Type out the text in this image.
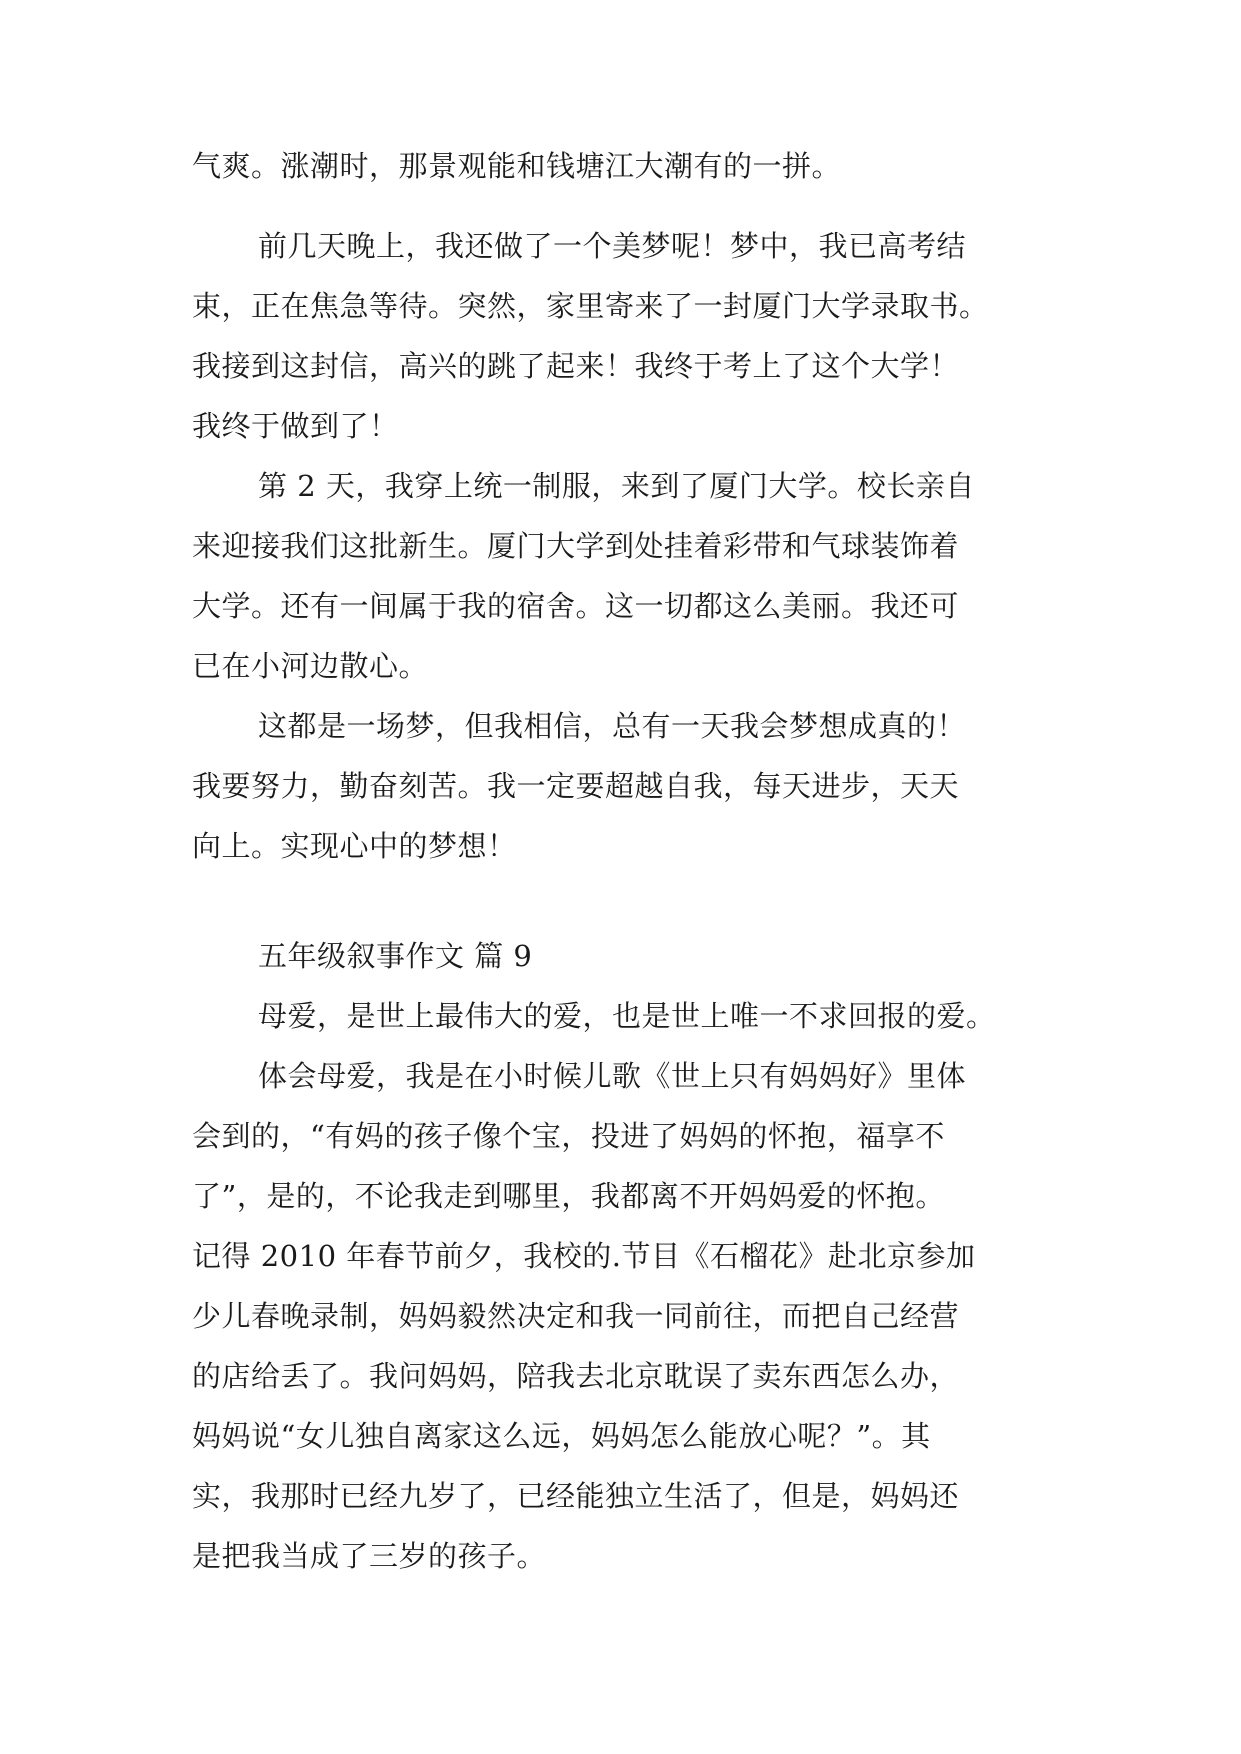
气爽。涨潮时，那景观能和钱塘江大潮有的一拼。
前几天晚上，我还做了一个美梦呢！梦中，我已高考结
束，正在焦急等待。突然，家里寄来了一封厦门大学录取书。
我接到这封信，高兴的跳了起来！我终于考上了这个大学！
我终于做到了！
第 2 天，我穿上统一制服，来到了厦门大学。校长亲自
来迎接我们这批新生。厦门大学到处挂着彩带和气球装饰着
大学。还有一间属于我的宿舍。这一切都这么美丽。我还可
已在小河边散心。
这都是一场梦，但我相信，总有一天我会梦想成真的！
我要努力，勤奋刻苦。我一定要超越自我，每天进步，天天
向上。实现心中的梦想！
五年级叙事作文 篇 9
母爱，是世上最伟大的爱，也是世上唯一不求回报的爱。
体会母爱，我是在小时候儿歌《世上只有妈妈好》里体
会到的，“有妈的孩子像个宝，投进了妈妈的怀抱，福享不
了”，是的，不论我走到哪里，我都离不开妈妈爱的怀抱。
记得 2010 年春节前夕，我校的.节目《石榴花》赴北京参加
少儿春晚录制，妈妈毅然决定和我一同前往，而把自己经营
的店给丢了。我问妈妈，陪我去北京耽误了卖东西怎么办，
妈妈说“女儿独自离家这么远，妈妈怎么能放心呢？”。其
实，我那时已经九岁了，已经能独立生活了，但是，妈妈还
是把我当成了三岁的孩子。
